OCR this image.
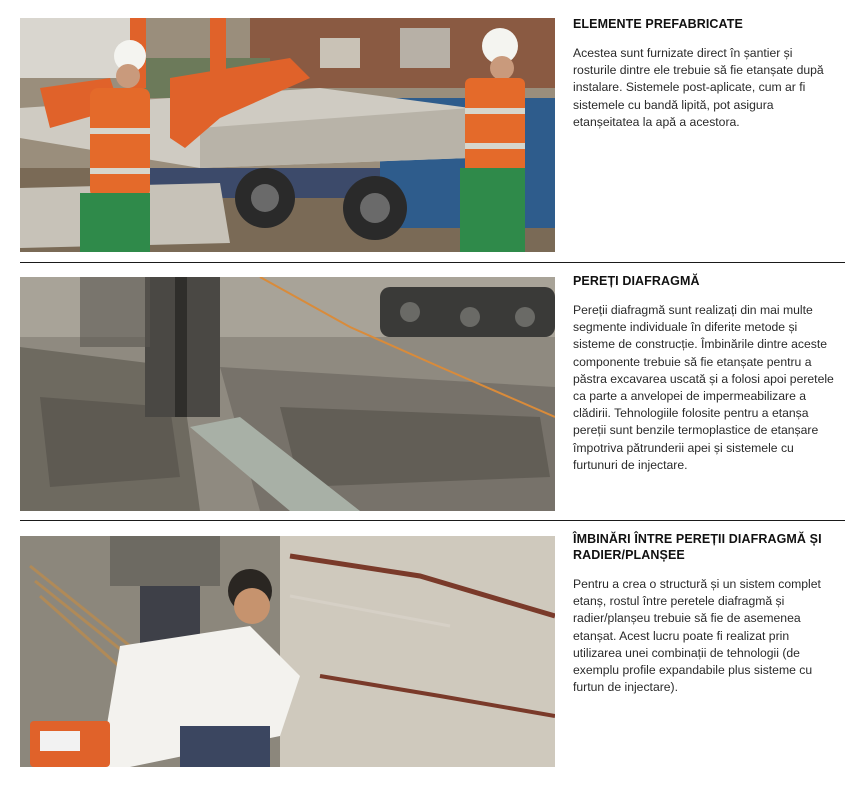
ELEMENTE PREFABRICATE

Acestea sunt furnizate direct în șantier și rosturile dintre ele trebuie să fie etanșate după instalare. Sistemele post-aplicate, cum ar fi sistemele cu bandă lipită, pot asigura etanșeitatea la apă a acestora.

PEREȚI DIAFRAGMĂ

Pereții diafragmă sunt realizați din mai multe segmente individuale în diferite metode și sisteme de construcție. Îmbinările dintre aceste componente trebuie să fie etanșate pentru a păstra excavarea uscată și a folosi apoi peretele ca parte a anvelopei de impermeabilizare a clădirii. Tehnologiile folosite pentru a etanșa pereții sunt benzile termoplastice de etanșare împotriva pătrunderii apei și sistemele cu furtunuri de injectare.

ÎMBINĂRI ÎNTRE PEREȚII DIAFRAGMĂ ȘI RADIER/PLANȘEE

Pentru a crea o structură și un sistem complet etanș, rostul între peretele diafragmă și radier/planșeu trebuie să fie de asemenea etanșat. Acest lucru poate fi realizat prin utilizarea unei combinații de tehnologii (de exemplu profile expandabile plus sisteme cu furtun de injectare).
